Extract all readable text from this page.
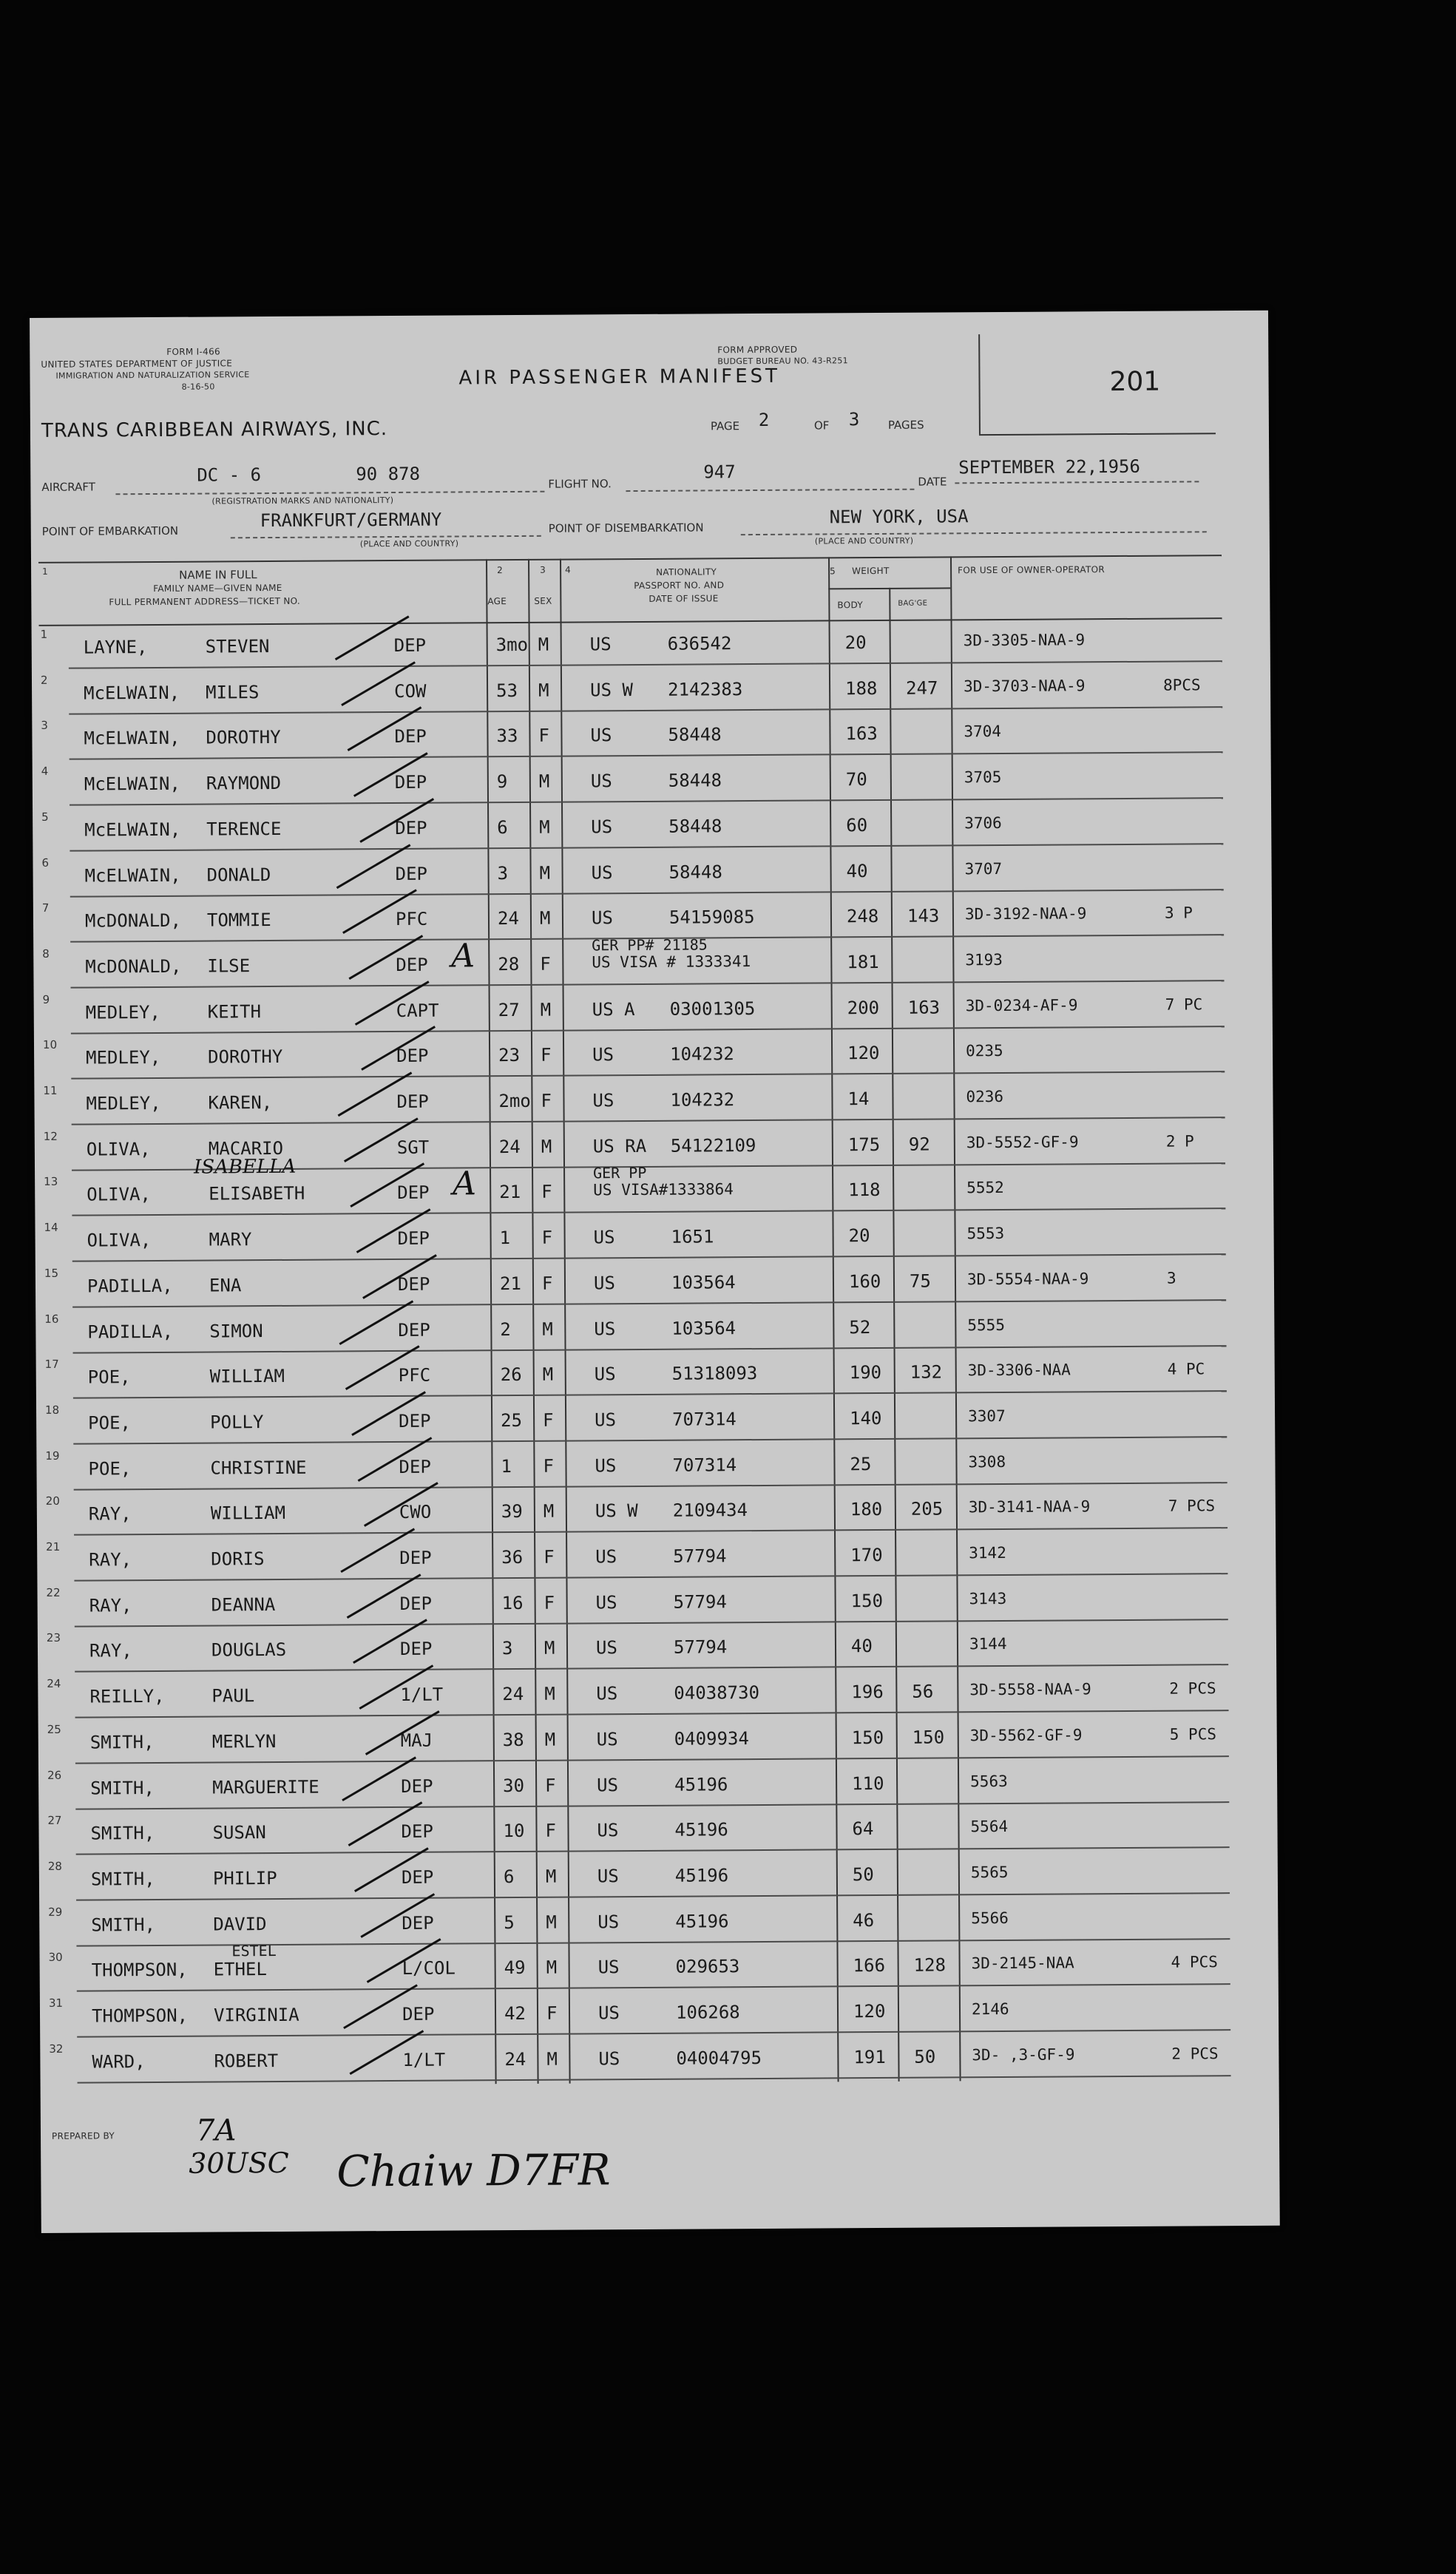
FORM I-466
UNITED STATES DEPARTMENT OF JUSTICE
IMMIGRATION AND NATURALIZATION SERVICE
8-16-50
FORM APPROVED
BUDGET BUREAU NO. 43-R251
AIR PASSENGER MANIFEST	201
TRANS CARIBBEAN AIRWAYS, INC.	PAGE 2	OF 3	PAGES
AIRCRAFT
DC - 6	90 878
(REGISTRATION MARKS AND NATIONALITY)
FLIGHT NO.
947	DATE
SEPTEMBER 22,1956
POINT OF EMBARKATION
FRANKFURT/GERMANY
(PLACE AND COUNTRY)
POINT OF DISEMBARKATION
NEW YORK, USA
(PLACE AND COUNTRY)
1	NAME IN FULL
FAMILY NAME—GIVEN NAME
FULL PERMANENT ADDRESS—TICKET NO.
2
AGE
3
SEX
4	NATIONALITY
PASSPORT NO. AND
DATE OF ISSUE
5 WEIGHT
BODY	BAG'GE
FOR USE OF OWNER-OPERATOR
1
LAYNE,	STEVEN	DEP	3mo M US	636542	20	3D-3305-NAA-9
2
McELWAIN, MILES	COW	53 M US W 2142383	188 247 3D-3703-NAA-9	8PCS
3
McELWAIN, DOROTHY	DEP	33 F US	58448	163	3704
4
McELWAIN, RAYMOND	DEP	9 M US	58448	70	3705
5
McELWAIN, TERENCE	DEP	6 M US	58448	60	3706
6
McELWAIN, DONALD	DEP	3 M US	58448	40	3707
7
McDONALD, TOMMIE	PFC	24 M US	54159085	248 143 3D-3192-NAA-9	3 P
8
McDONALD, ILSE	DEP	28 F	US VISA # 1333341	181	3193
GER PP# 21185
A
9
MEDLEY,	KEITH	CAPT	27 M US A 03001305	200 163 3D-0234-AF-9	7 PC
10
MEDLEY,	DOROTHY	DEP	23 F US	104232	120	0235
11
MEDLEY,	KAREN,	DEP	2mo F US	104232	14	0236
12
OLIVA,	MACARIO	SGT	24 M US RA 54122109	175 92 3D-5552-GF-9	2 P
13
OLIVA,	ELISABETH	DEP	21 F	US VISA#1333864	118	5552
GER PP
ISABELLA	A
14
OLIVA,	MARY	DEP	1 F US	1651	20	5553
15
PADILLA, ENA	DEP	21 F US	103564	160 75 3D-5554-NAA-9	3
16
PADILLA, SIMON	DEP	2 M US	103564	52	5555
17
POE,	WILLIAM	PFC	26 M US	51318093	190 132 3D-3306-NAA	4 PC
18
POE,	POLLY	DEP	25 F US	707314	140	3307
19
POE,	CHRISTINE	DEP	1 F US	707314	25	3308
20
RAY,	WILLIAM	CWO	39 M US W 2109434	180 205 3D-3141-NAA-9	7 PCS
21
RAY,	DORIS	DEP	36 F US	57794	170	3142
22
RAY,	DEANNA	DEP	16 F US	57794	150	3143
23
RAY,	DOUGLAS	DEP	3 M US	57794	40	3144
24
REILLY,	PAUL	1/LT	24 M US	04038730	196 56 3D-5558-NAA-9	2 PCS
25
SMITH,	MERLYN	MAJ	38 M US	0409934	150 150 3D-5562-GF-9	5 PCS
26
SMITH,	MARGUERITE	DEP	30 F US	45196	110	5563
27
SMITH,	SUSAN	DEP	10 F US	45196	64	5564
28
SMITH,	PHILIP	DEP	6 M US	45196	50	5565
29
SMITH,	DAVID	DEP	5 M US	45196	46	5566
30
THOMPSON, ETHEL	L/COL	49 M US	029653	166 128 3D-2145-NAA	4 PCS
ESTEL
31
THOMPSON, VIRGINIA	DEP	42 F US	106268	120	2146
32
WARD,	ROBERT	1/LT	24 M US	04004795	191 50 3D- ,3-GF-9	2 PCS
PREPARED BY	7A
30USC Chaiw D7FR
